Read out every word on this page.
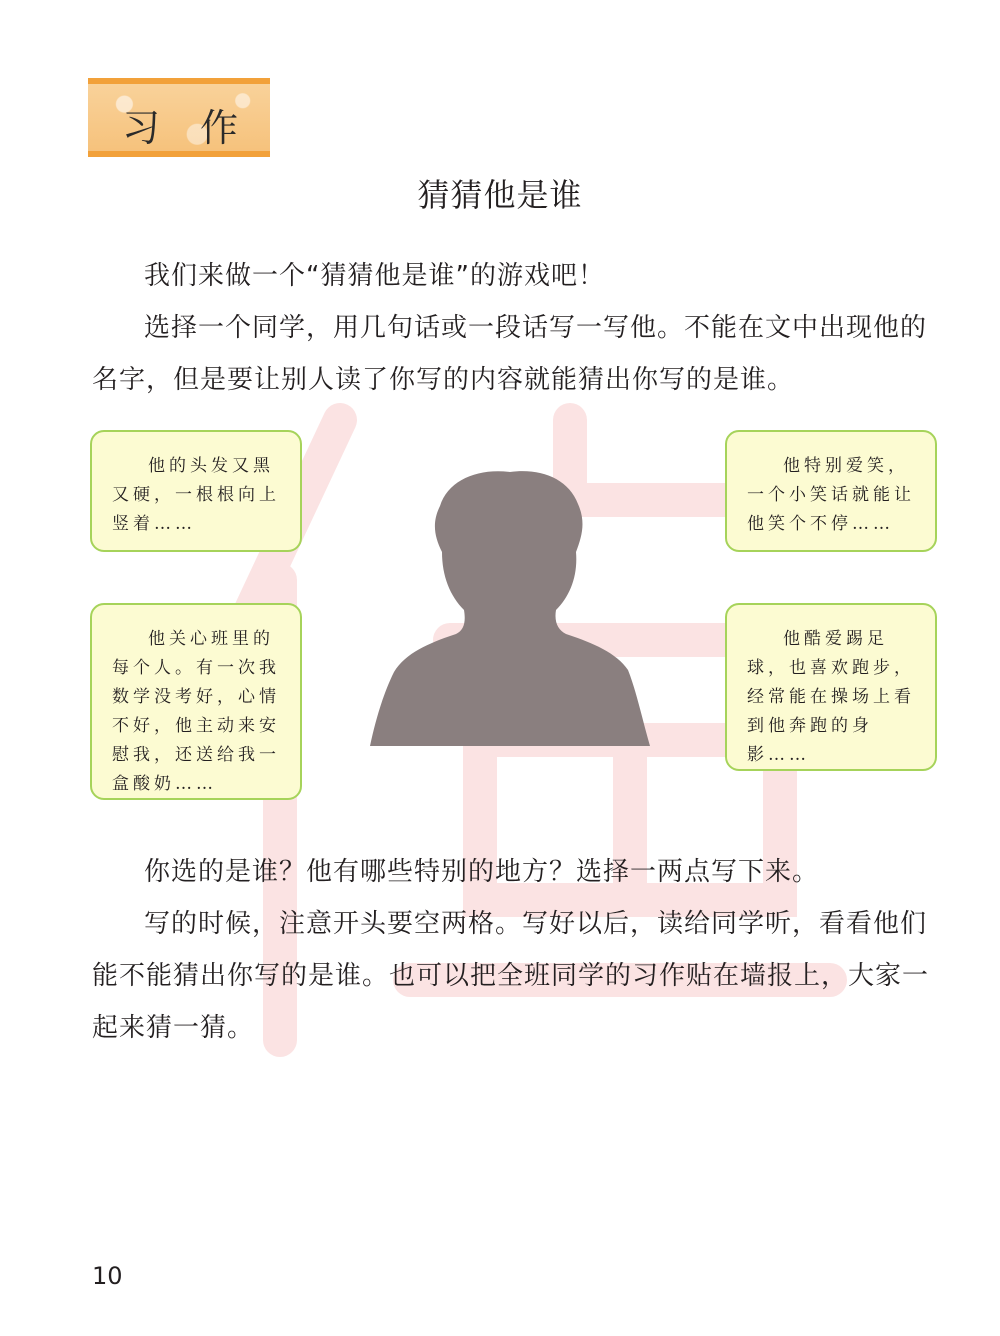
习作
猜猜他是谁

我们来做一个“猜猜他是谁”的游戏吧！

选择一个同学，用几句话或一段话写一写他。不能在文中出现他的名字，但是要让别人读了你写的内容就能猜出你写的是谁。

他的头发又黑又硬，一根根向上竖着……
他关心班里的每个人。有一次我数学没考好，心情不好，他主动来安慰我，还送给我一盒酸奶……
他特别爱笑，一个小笑话就能让他笑个不停……
他酷爱踢足球，也喜欢跑步，经常能在操场上看到他奔跑的身影……

你选的是谁？他有哪些特别的地方？选择一两点写下来。

写的时候，注意开头要空两格。写好以后，读给同学听，看看他们能不能猜出你写的是谁。也可以把全班同学的习作贴在墙报上，大家一起来猜一猜。

10
